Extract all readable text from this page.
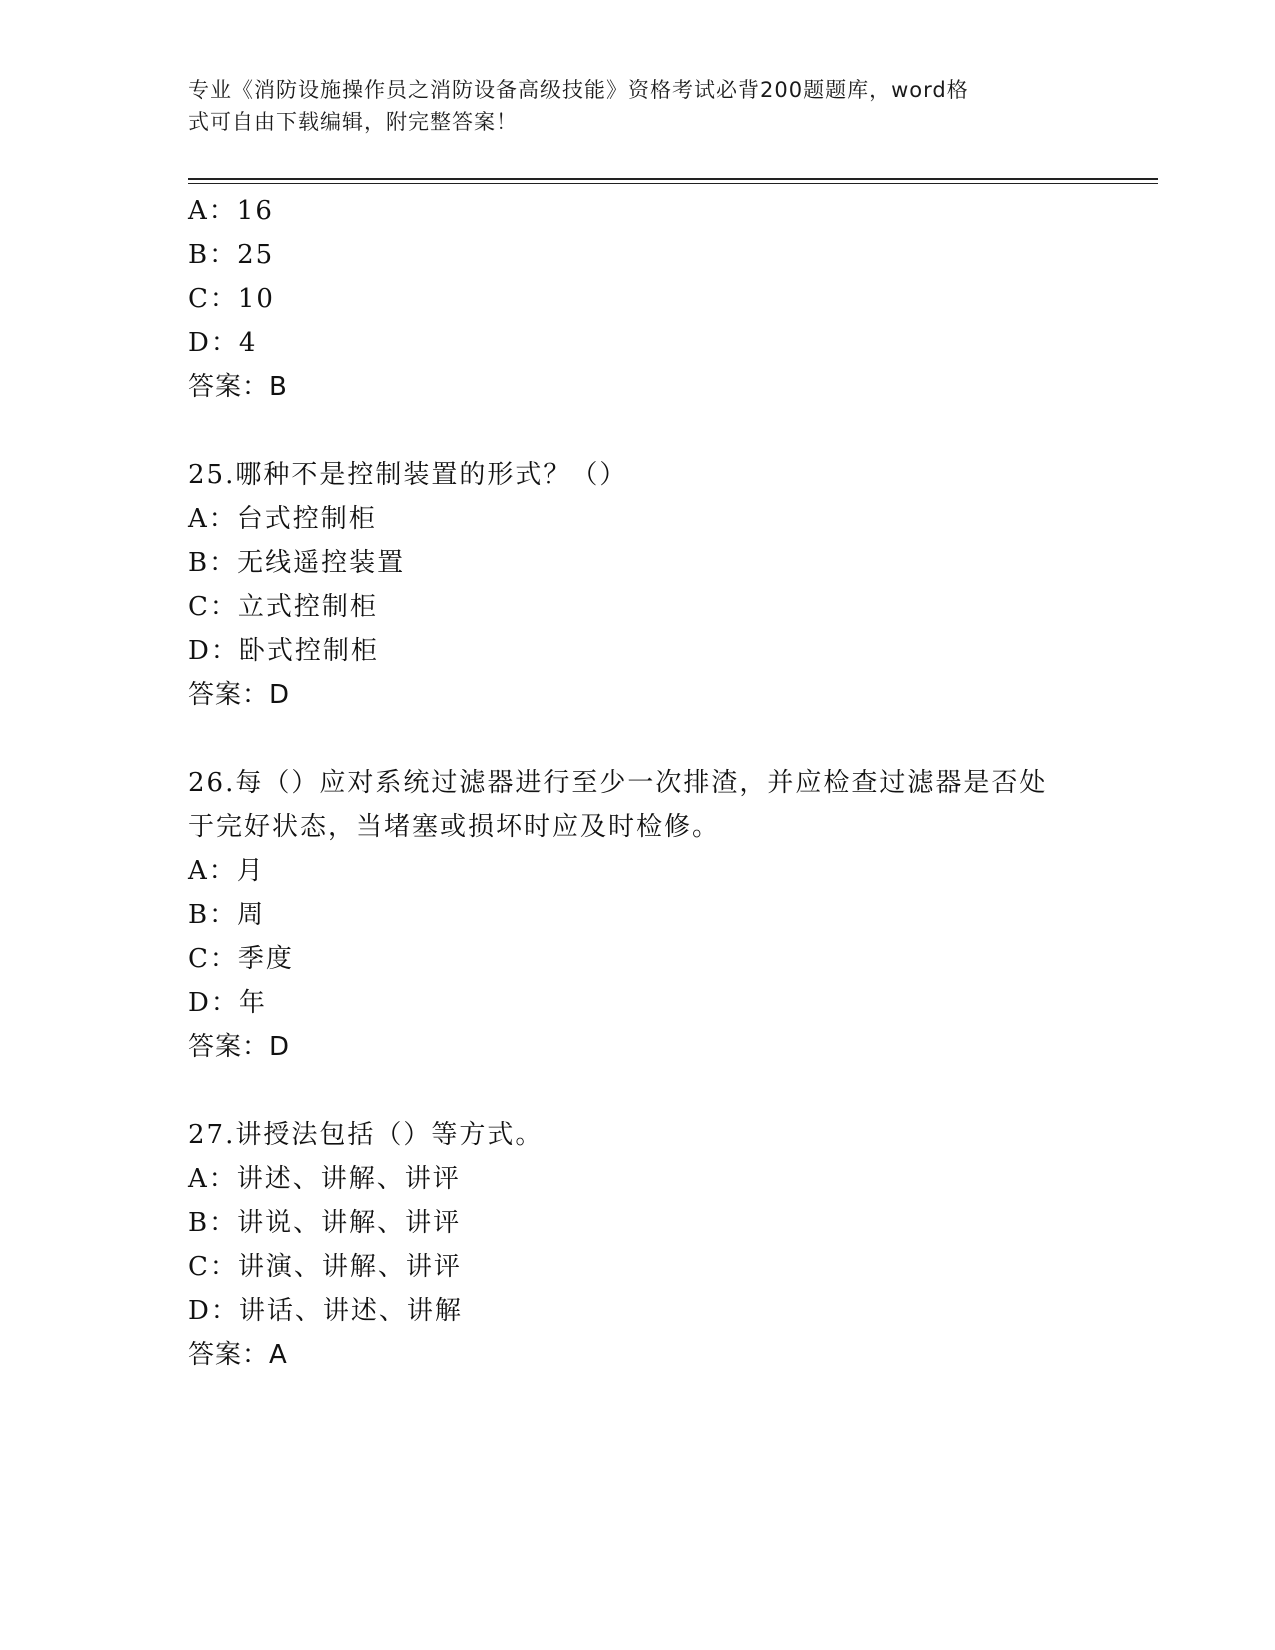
专业《消防设施操作员之消防设备高级技能》资格考试必背200题题库，word格
式可自由下载编辑，附完整答案！
A：16
B：25
C：10
D：4
答案：B
25.哪种不是控制装置的形式？（）
A：台式控制柜
B：无线遥控装置
C：立式控制柜
D：卧式控制柜
答案：D
26.每（）应对系统过滤器进行至少一次排渣，并应检查过滤器是否处
于完好状态，当堵塞或损坏时应及时检修。
A：月
B：周
C：季度
D：年
答案：D
27.讲授法包括（）等方式。
A：讲述、讲解、讲评
B：讲说、讲解、讲评
C：讲演、讲解、讲评
D：讲话、讲述、讲解
答案：A
